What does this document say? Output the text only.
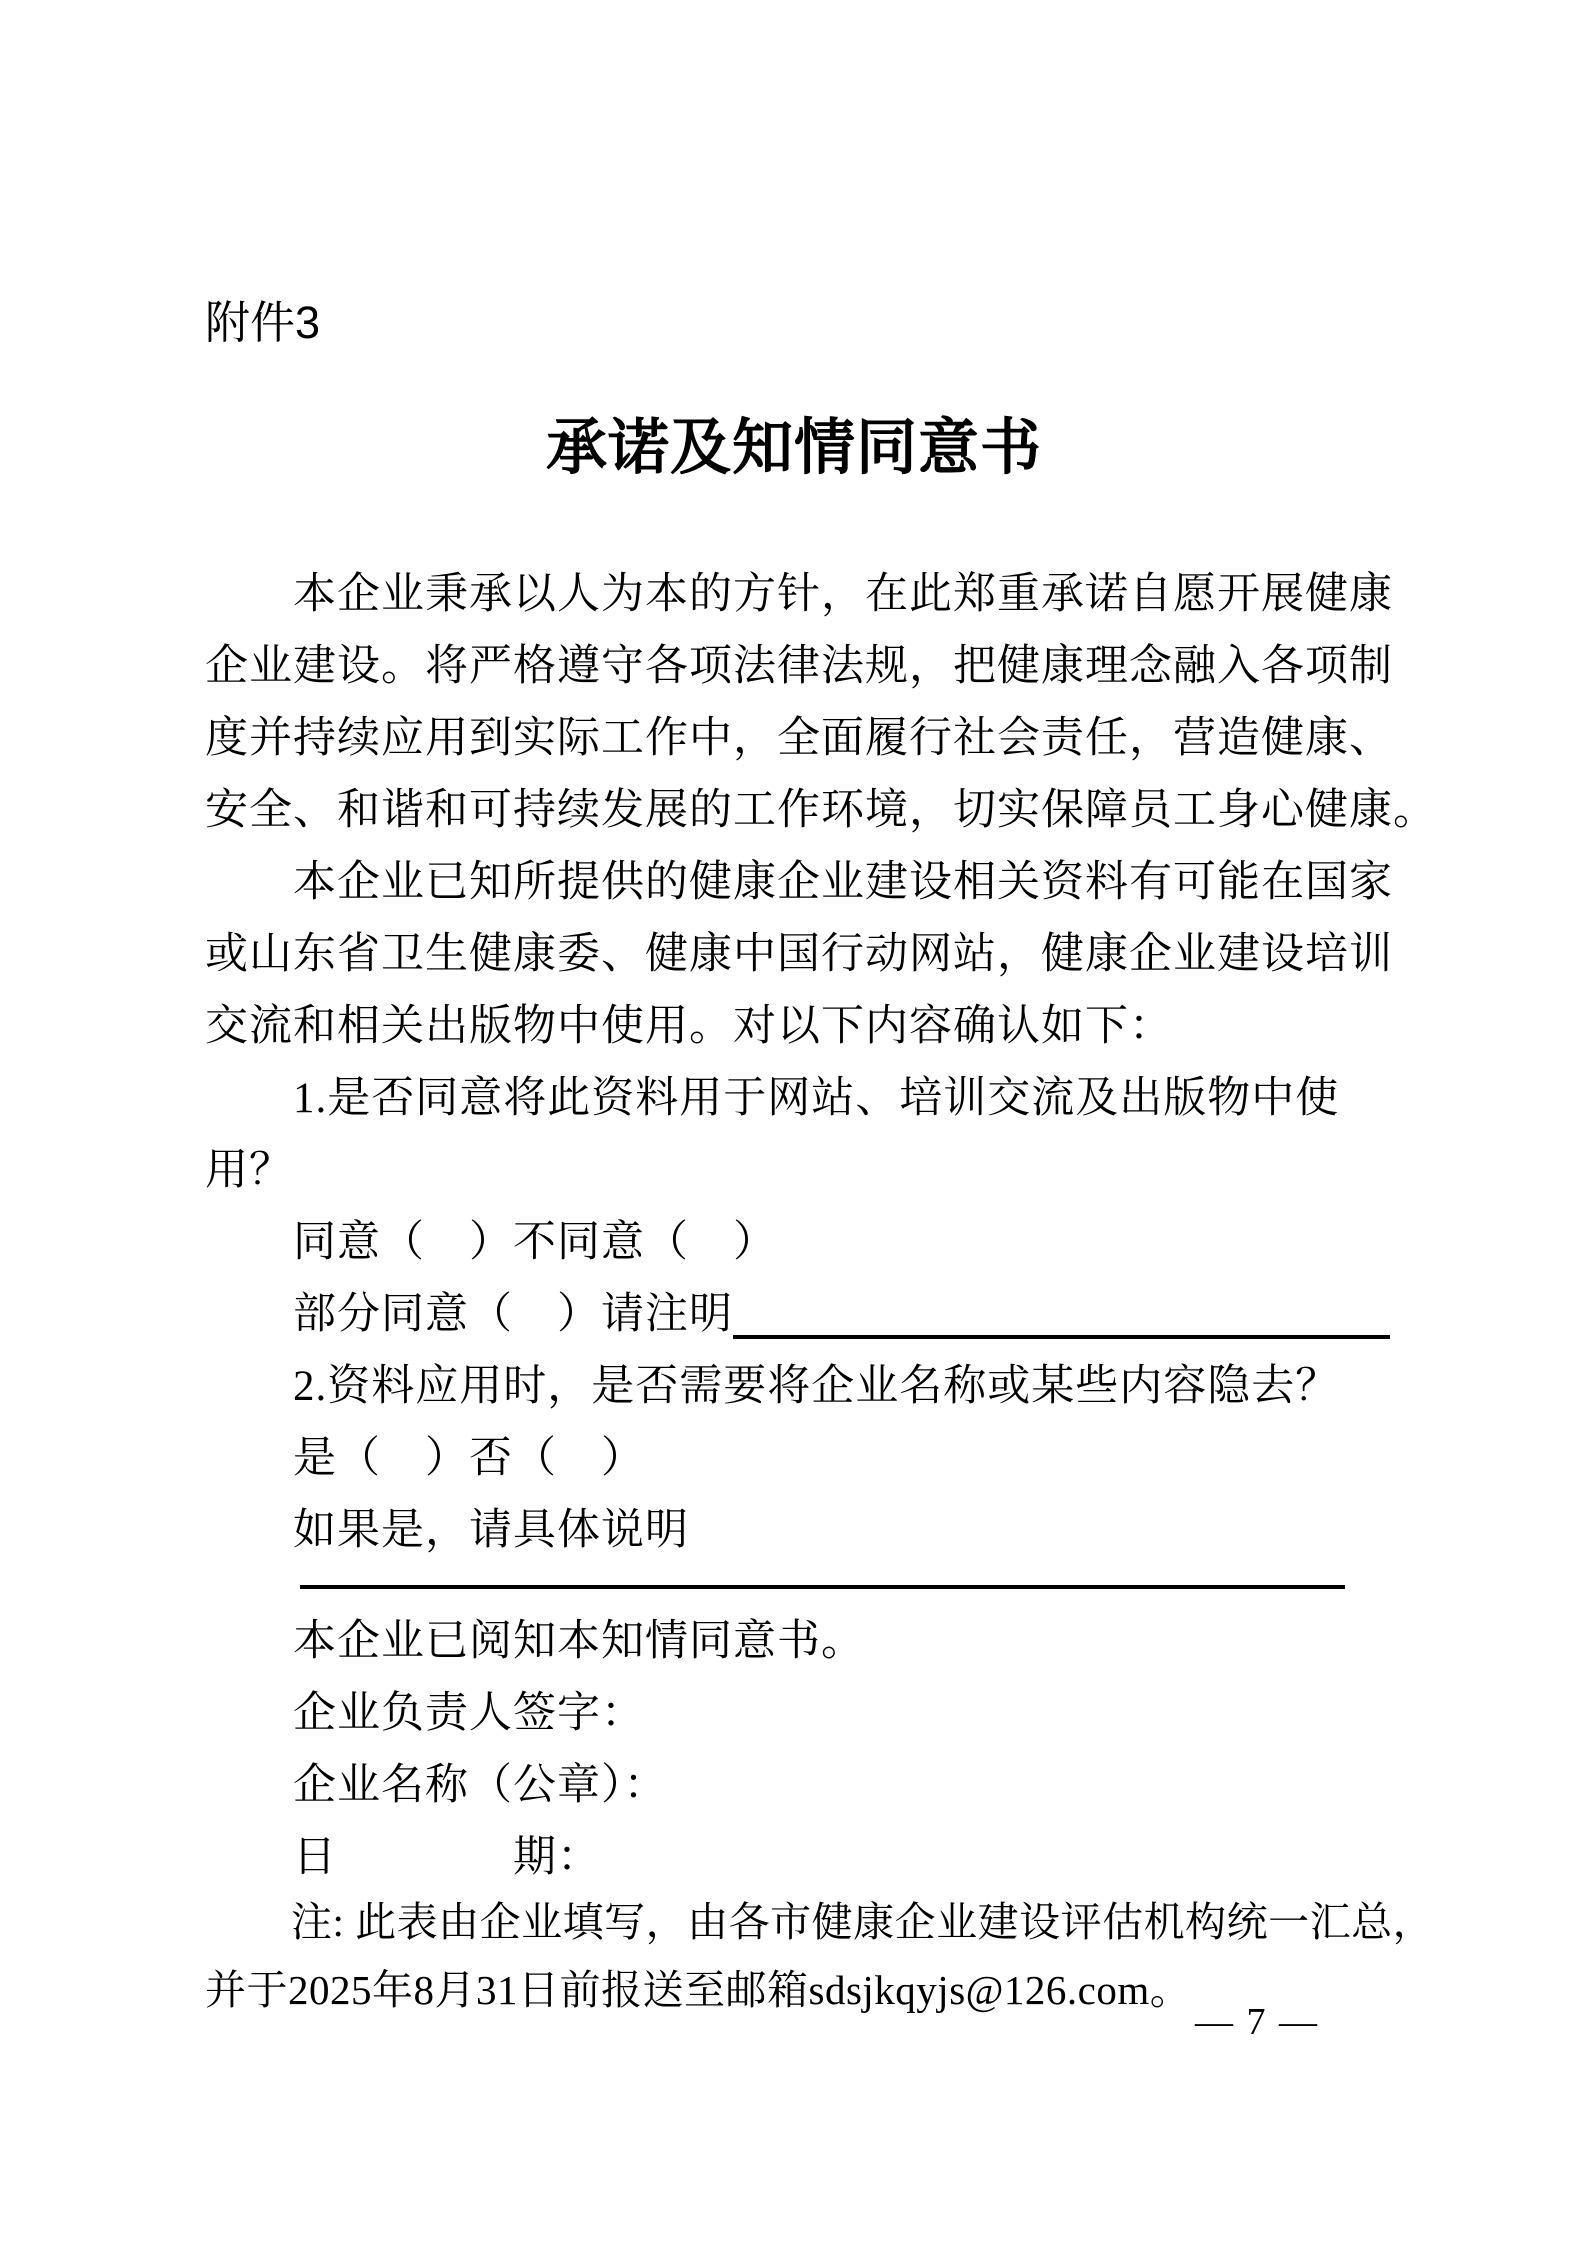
附件3
承诺及知情同意书
本企业秉承以人为本的方针，在此郑重承诺自愿开展健康
企业建设。将严格遵守各项法律法规，把健康理念融入各项制
度并持续应用到实际工作中，全面履行社会责任，营造健康、
安全、和谐和可持续发展的工作环境，切实保障员工身心健康。
本企业已知所提供的健康企业建设相关资料有可能在国家
或山东省卫生健康委、健康中国行动网站，健康企业建设培训
交流和相关出版物中使用。对以下内容确认如下：
1.是否同意将此资料用于网站、培训交流及出版物中使
用？
同意（　）不同意（　）
部分同意（　）请注明
2.资料应用时，是否需要将企业名称或某些内容隐去？
是（　）否（　）
如果是，请具体说明
本企业已阅知本知情同意书。
企业负责人签字：
企业名称（公章）：
日　　　　期：
注: 此表由企业填写，由各市健康企业建设评估机构统一汇总，
并于2025年8月31日前报送至邮箱sdsjkqyjs@126.com。
— 7 —
